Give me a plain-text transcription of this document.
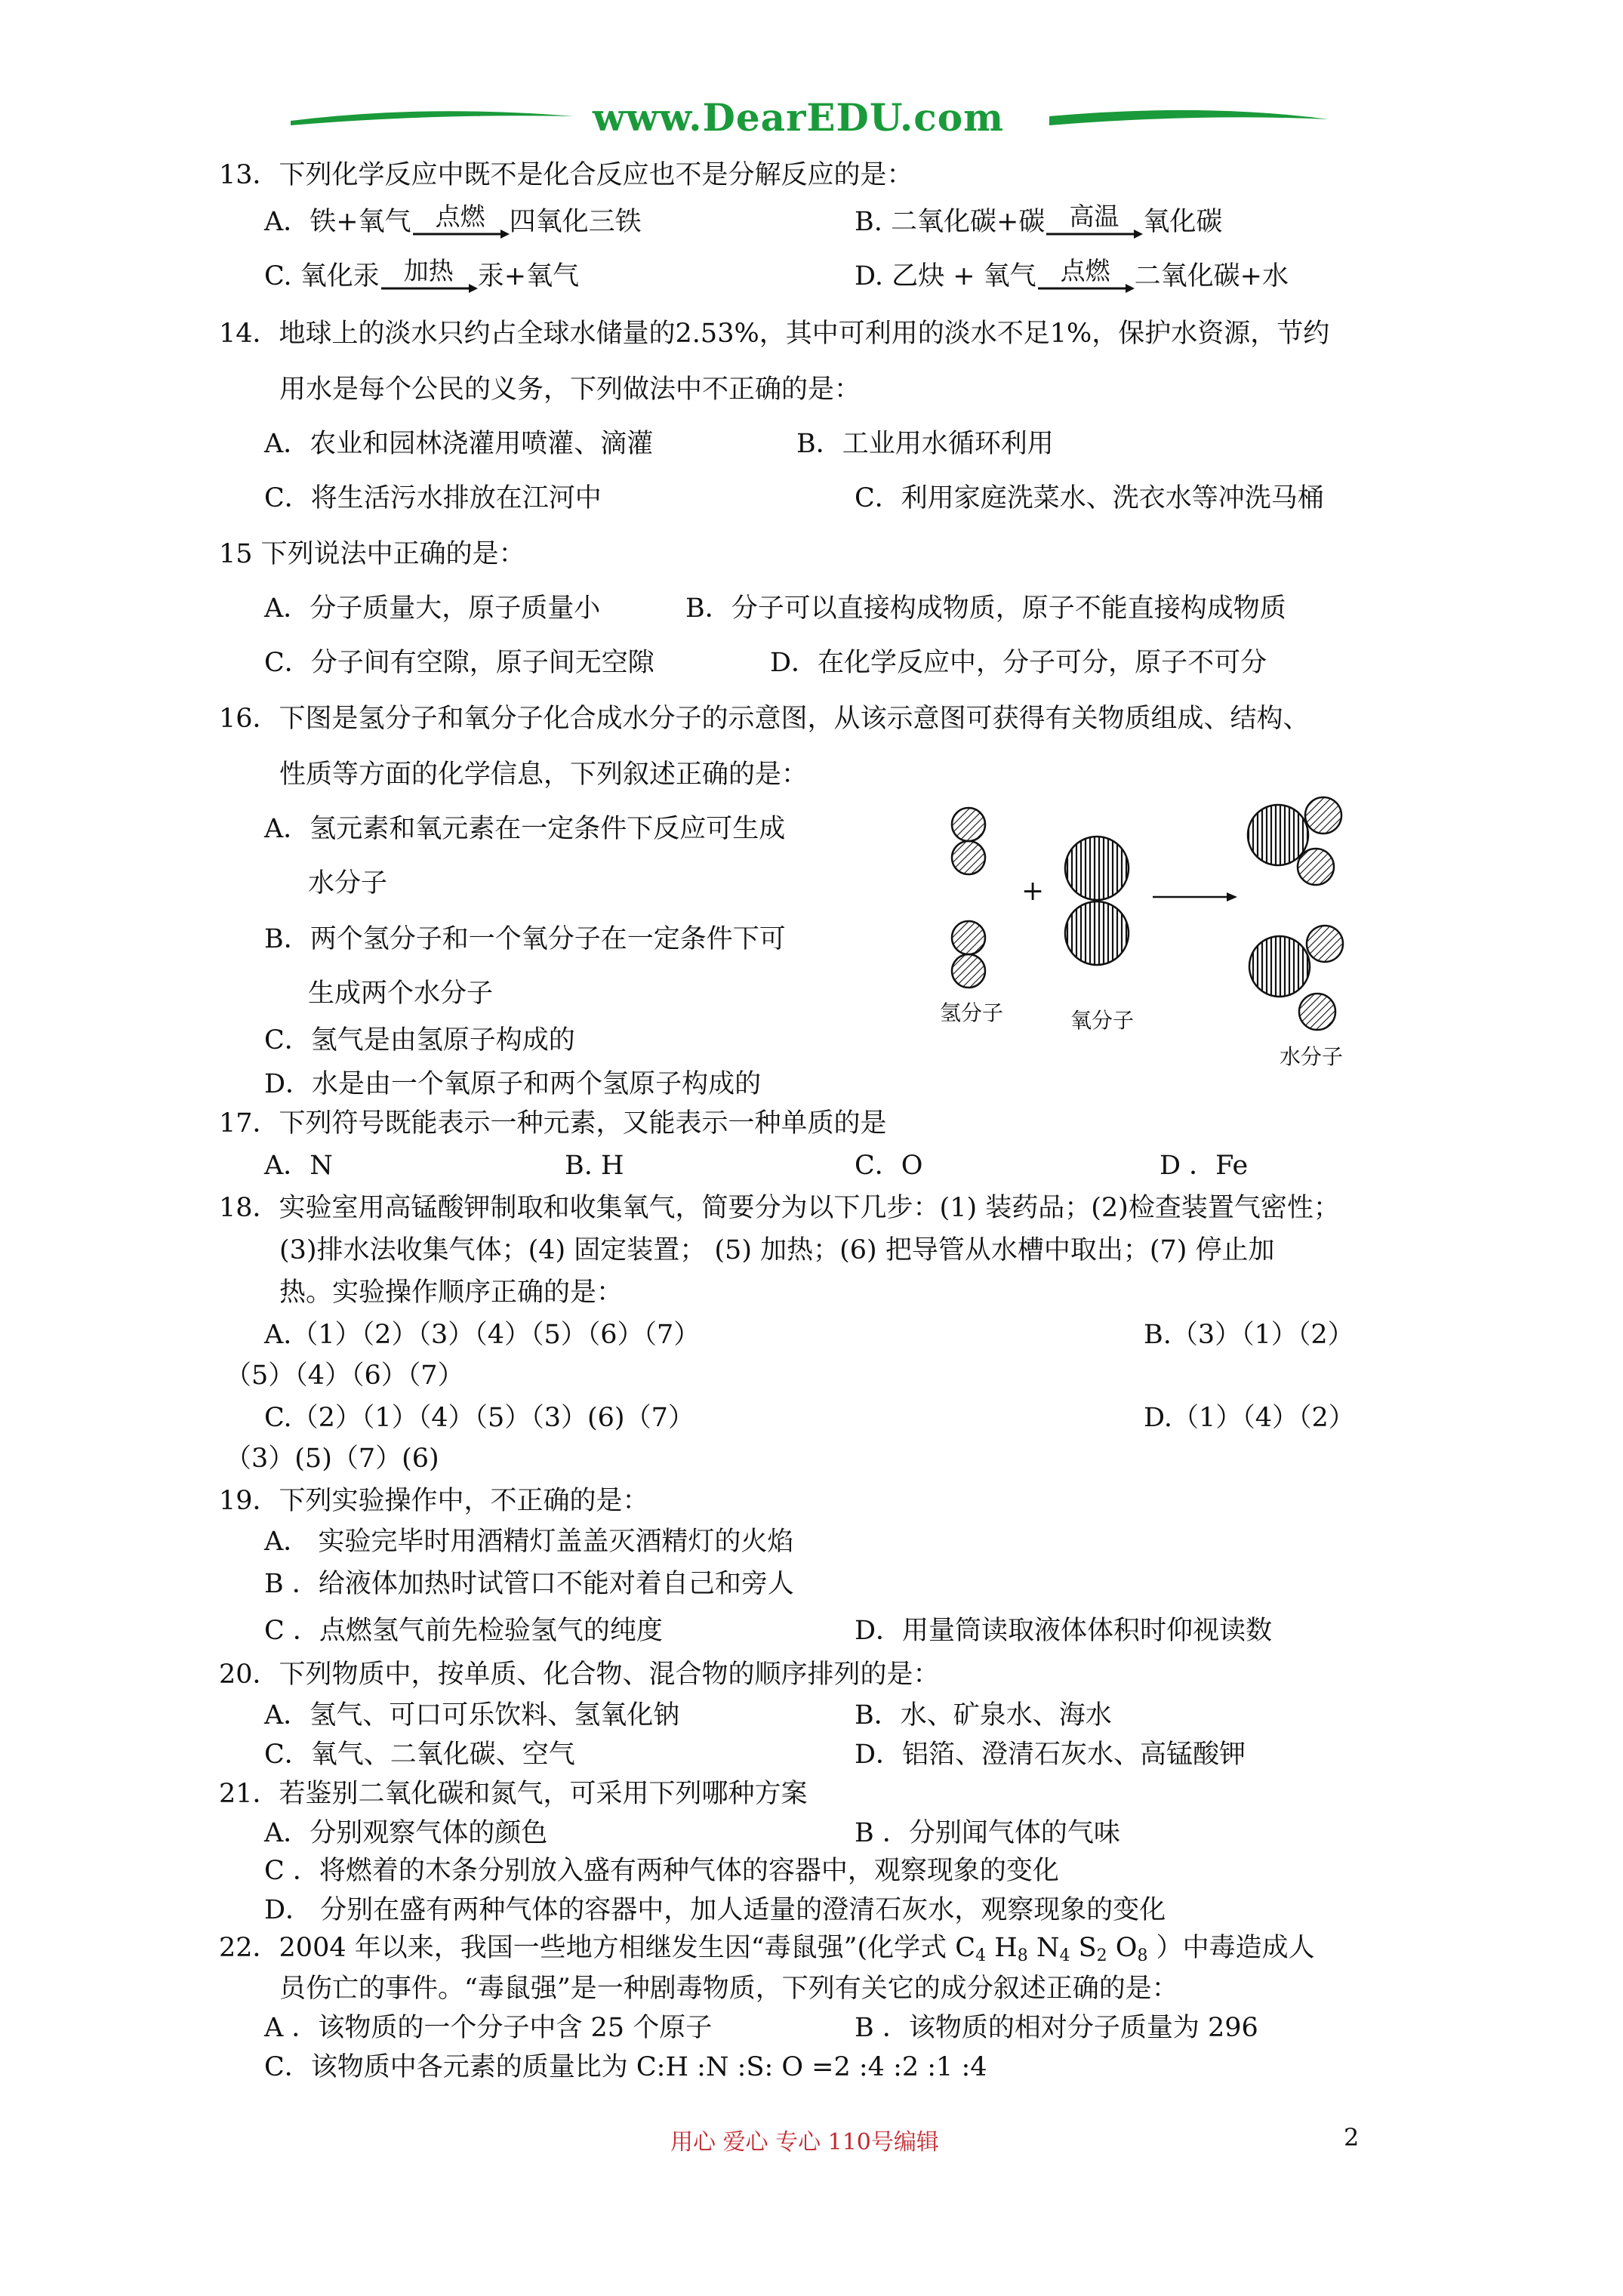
www.DearEDU.com
13．下列化学反应中既不是化合反应也不是分解反应的是：
A．铁+氧气 点燃 四氧化三铁	B. 二氧化碳+碳 高温 氧化碳
C. 氧化汞 加热 汞+氧气	D. 乙炔 + 氧气 点燃 二氧化碳+水
14．地球上的淡水只约占全球水储量的2.53%，其中可利用的淡水不足1%，保护水资源，节约
用水是每个公民的义务，下列做法中不正确的是：
A．农业和园林浇灌用喷灌、滴灌	B．工业用水循环利用
C．将生活污水排放在江河中	C．利用家庭洗菜水、洗衣水等冲洗马桶
15 下列说法中正确的是：
A．分子质量大，原子质量小	B．分子可以直接构成物质，原子不能直接构成物质
C．分子间有空隙，原子间无空隙	D．在化学反应中，分子可分，原子不可分
16．下图是氢分子和氧分子化合成水分子的示意图，从该示意图可获得有关物质组成、结构、
性质等方面的化学信息，下列叙述正确的是：
A．氢元素和氧元素在一定条件下反应可生成
水分子
B．两个氢分子和一个氧分子在一定条件下可
生成两个水分子
C．氢气是由氢原子构成的
D．水是由一个氧原子和两个氢原子构成的
+
氢分子	氧分子
水分子
17．下列符号既能表示一种元素，又能表示一种单质的是
A．N	B. H	C．O	D ．Fe
18．实验室用高锰酸钾制取和收集氧气，简要分为以下几步：(1) 装药品；(2)检查装置气密性；
(3)排水法收集气体；(4) 固定装置； (5) 加热；(6) 把导管从水槽中取出；(7) 停止加
热。实验操作顺序正确的是：
A.（1）（2）（3）（4）（5）（6）（7）	B.（3）（1）（2）
（5）（4）（6）（7）
C.（2）（1）（4）（5）（3）(6)（7）	D.（1）（4）（2）
（3）(5)（7）(6)
19．下列实验操作中，不正确的是：
A． 实验完毕时用酒精灯盖盖灭酒精灯的火焰
B ．给液体加热时试管口不能对着自己和旁人
C ．点燃氢气前先检验氢气的纯度	D．用量筒读取液体体积时仰视读数
20．下列物质中，按单质、化合物、混合物的顺序排列的是：
A．氢气、可口可乐饮料、氢氧化钠	B．水、矿泉水、海水
C．氧气、二氧化碳、空气	D．铝箔、澄清石灰水、高锰酸钾
21．若鉴别二氧化碳和氮气，可采用下列哪种方案
A．分别观察气体的颜色	B ．分别闻气体的气味
C ．将燃着的木条分别放入盛有两种气体的容器中，观察现象的变化
D． 分别在盛有两种气体的容器中，加人适量的澄清石灰水，观察现象的变化
22．2004 年以来，我国一些地方相继发生因“毒鼠强”(化学式 $C_4$ $H_8$ $N_4$ $S_2$ $O_8$ ）中毒造成人
员伤亡的事件。“毒鼠强”是一种剧毒物质，下列有关它的成分叙述正确的是：
A ．该物质的一个分子中含 25 个原子	B ．该物质的相对分子质量为 296
C．该物质中各元素的质量比为 C:H :N :S: O =2 :4 :2 :1 :4
用心 爱心 专心 110号编辑	2
